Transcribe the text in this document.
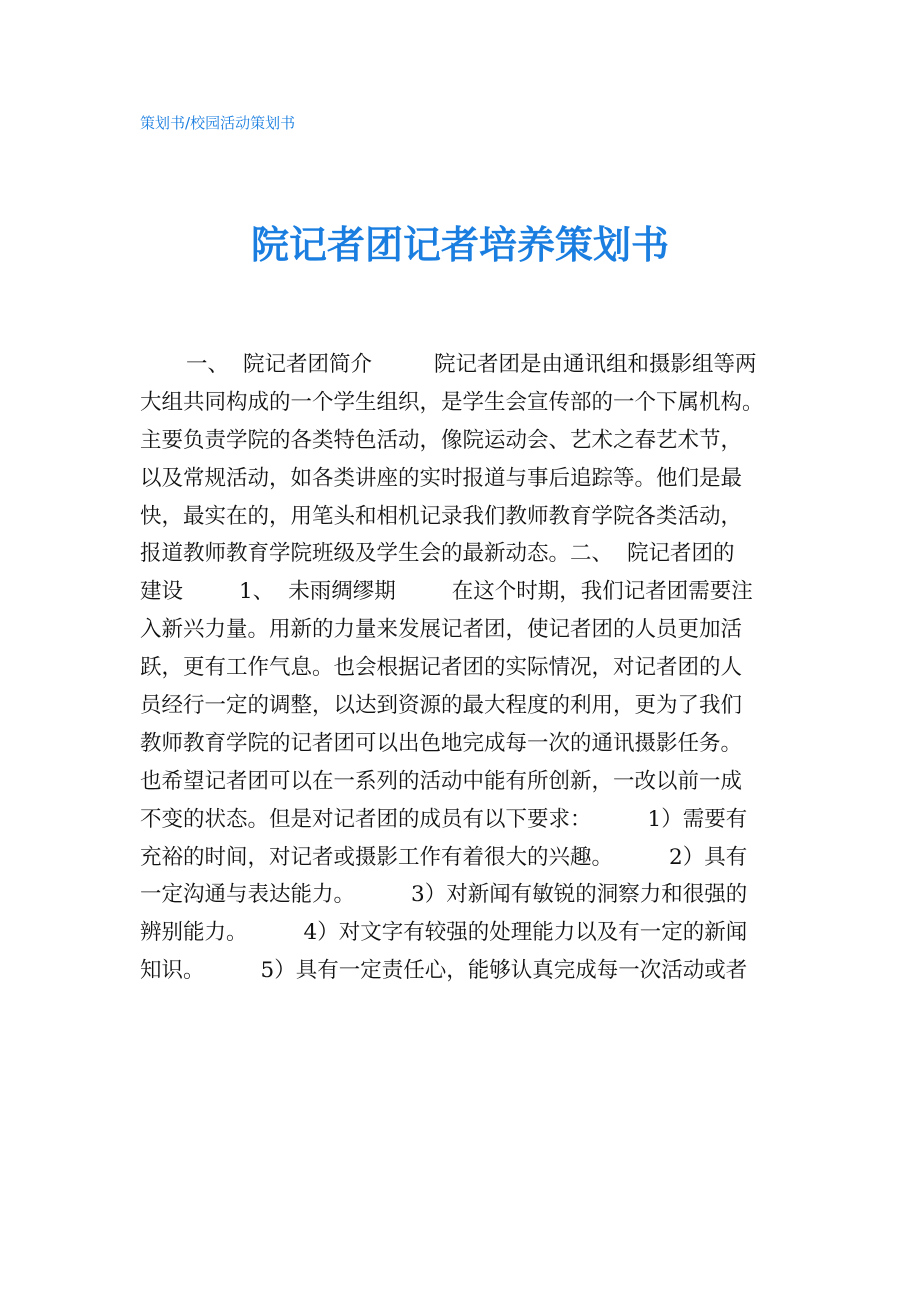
策划书/校园活动策划书
院记者团记者培养策划书
一、 院记者团简介	院记者团是由通讯组和摄影组等两
大组共同构成的一个学生组织，是学生会宣传部的一个下属机构。
主要负责学院的各类特色活动，像院运动会、艺术之春艺术节，
以及常规活动，如各类讲座的实时报道与事后追踪等。他们是最
快，最实在的，用笔头和相机记录我们教师教育学院各类活动，
报道教师教育学院班级及学生会的最新动态。二、 院记者团的
建设	1、 未雨绸缪期	在这个时期，我们记者团需要注
入新兴力量。用新的力量来发展记者团，使记者团的人员更加活
跃，更有工作气息。也会根据记者团的实际情况，对记者团的人
员经行一定的调整，以达到资源的最大程度的利用，更为了我们
教师教育学院的记者团可以出色地完成每一次的通讯摄影任务。
也希望记者团可以在一系列的活动中能有所创新，一改以前一成
不变的状态。但是对记者团的成员有以下要求：	1）需要有
充裕的时间，对记者或摄影工作有着很大的兴趣。	2）具有
一定沟通与表达能力。	3）对新闻有敏锐的洞察力和很强的
辨别能力。	4）对文字有较强的处理能力以及有一定的新闻
知识。	5）具有一定责任心，能够认真完成每一次活动或者
